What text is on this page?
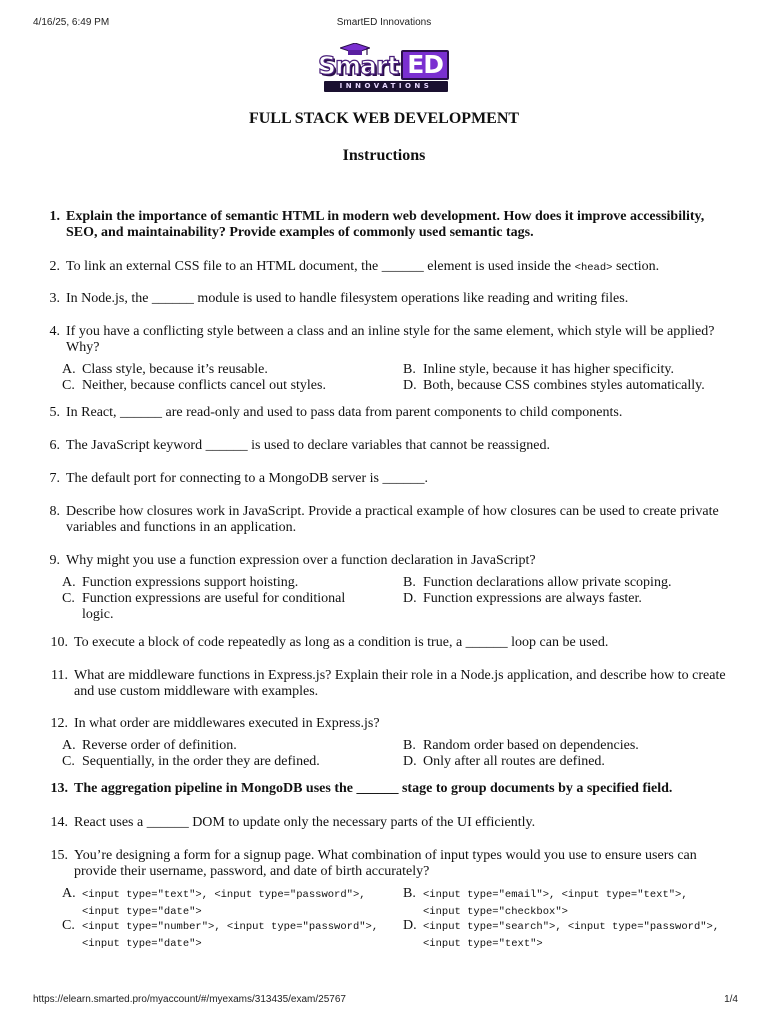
4/16/25, 6:49 PM	SmartED Innovations
Smart ED
INNOVATIONS
FULL STACK WEB DEVELOPMENT
Instructions
1. Explain the importance of semantic HTML in modern web development. How does it improve accessibility, SEO, and maintainability? Provide examples of commonly used semantic tags.
2. To link an external CSS file to an HTML document, the ______ element is used inside the <head> section.
3. In Node.js, the ______ module is used to handle filesystem operations like reading and writing files.
4. If you have a conflicting style between a class and an inline style for the same element, which style will be applied? Why?
A. Class style, because it’s reusable.	B. Inline style, because it has higher specificity.
C. Neither, because conflicts cancel out styles.	D. Both, because CSS combines styles automatically.
5. In React, ______ are read-only and used to pass data from parent components to child components.
6. The JavaScript keyword ______ is used to declare variables that cannot be reassigned.
7. The default port for connecting to a MongoDB server is ______.
8. Describe how closures work in JavaScript. Provide a practical example of how closures can be used to create private variables and functions in an application.
9. Why might you use a function expression over a function declaration in JavaScript?
A. Function expressions support hoisting.	B. Function declarations allow private scoping.
C. Function expressions are useful for conditional logic.
D. Function expressions are always faster.
10. To execute a block of code repeatedly as long as a condition is true, a ______ loop can be used.
11. What are middleware functions in Express.js? Explain their role in a Node.js application, and describe how to create and use custom middleware with examples.
12. In what order are middlewares executed in Express.js?
A. Reverse order of definition.	B. Random order based on dependencies.
C. Sequentially, in the order they are defined.	D. Only after all routes are defined.
13. The aggregation pipeline in MongoDB uses the ______ stage to group documents by a specified field.
14. React uses a ______ DOM to update only the necessary parts of the UI efficiently.
15. You’re designing a form for a signup page. What combination of input types would you use to ensure users can provide their username, password, and date of birth accurately?
A. <input type="text">, <input type="password">,
<input type="date">
B. <input type="email">, <input type="text">,
<input type="checkbox">
C. <input type="number">, <input type="password">,
<input type="date">
D. <input type="search">, <input type="password">,
<input type="text">
https://elearn.smarted.pro/myaccount/#/myexams/313435/exam/25767	1/4
